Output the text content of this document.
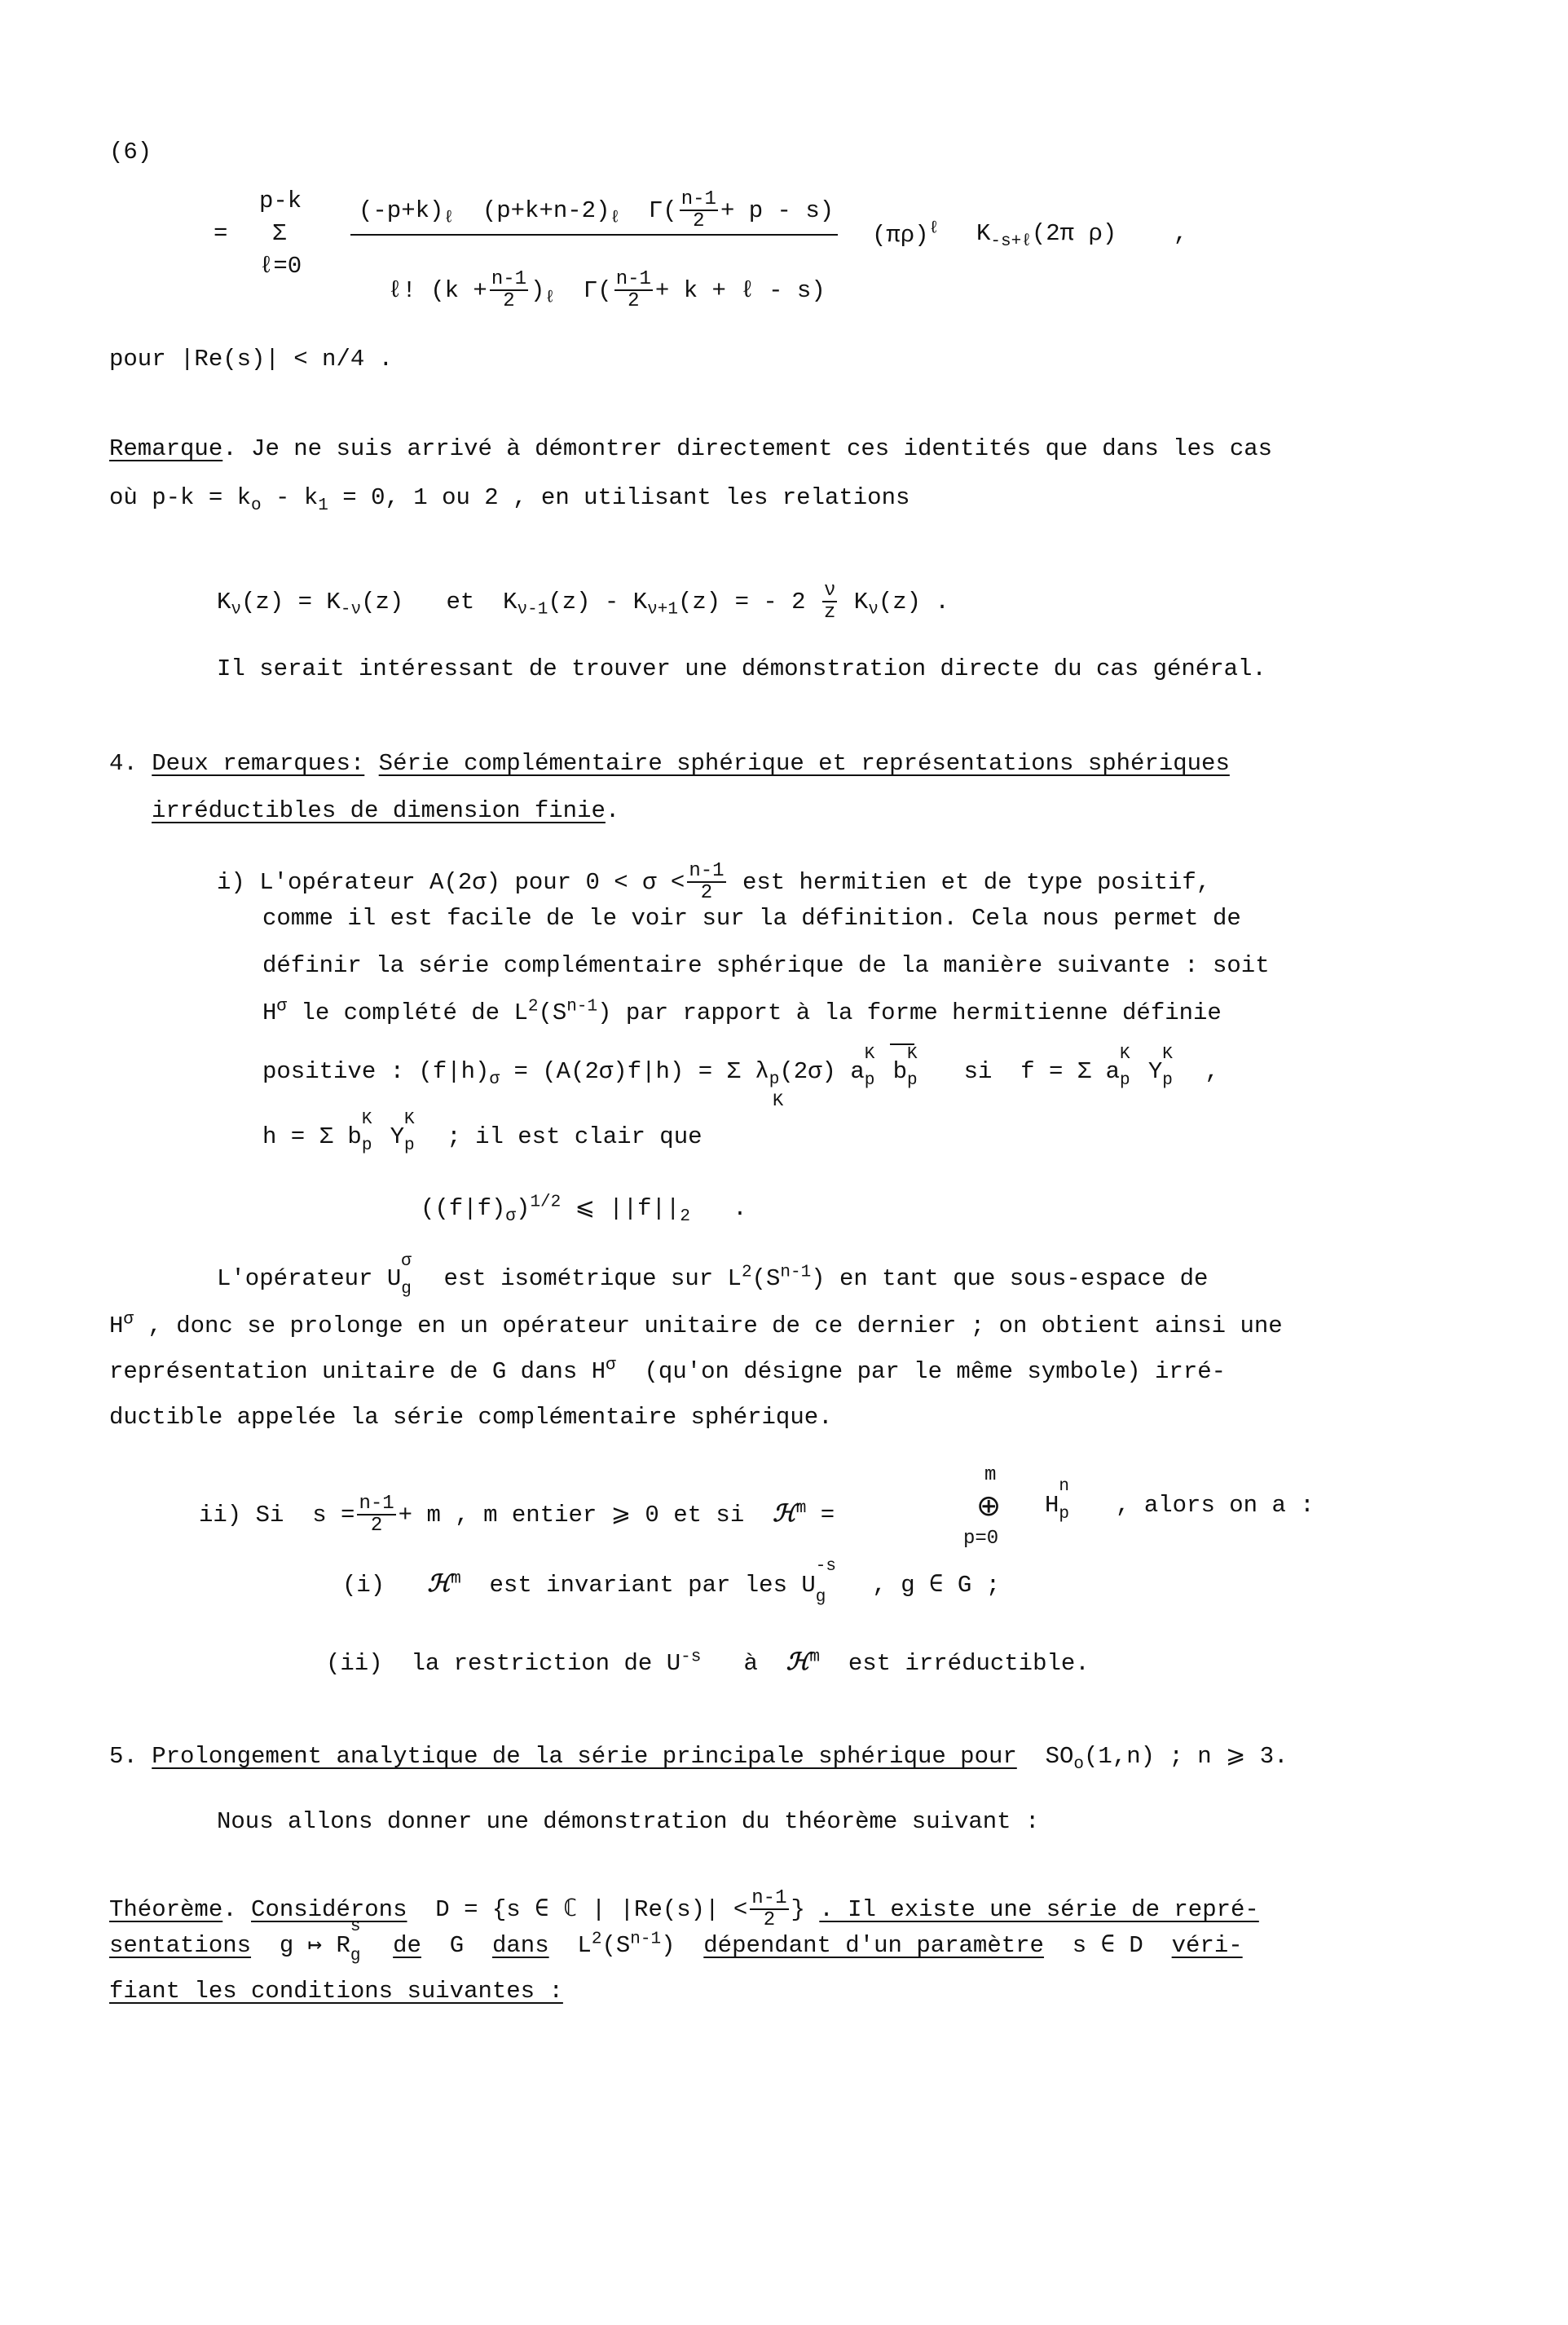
(6)
p-k
= Σ
ℓ=0
$(-p+k)_\ell$ $(p+k+n-2)_\ell$ $\Gamma( \frac{n-1}{2} + p - s)$
ℓ! $(k + \frac{n-1}{2} )_\ell$ $\Gamma( \frac{n-1}{2} + k$ + ℓ - s)
$(\pi\rho)^\ell$ $K_{-s+\ell}(2\pi$ ρ) ,
pour |Re(s)| < n/4 .
Remarque. Je ne suis arrivé à démontrer directement ces identités que dans les cas
où $p-k = k_o - k_1 = 0$, 1 ou 2 , en utilisant les relations
$K_\nu(z) = K_{-\nu}(z)$   et  $K_{\nu-1}(z) - K_{\nu+1}(z)$ = - $2 \frac{\nu}{z} K_\nu(z)$ .
Il serait intéressant de trouver une démonstration directe du cas général.
4. Deux remarques: Série complémentaire sphérique et représentations sphériques
irréductibles de dimension finie.
i) L'opérateur A(2σ) pour $0 < \sigma < \frac{n-1}{2}$ est hermitien et de type positif,
comme il est facile de le voir sur la définition. Cela nous permet de
définir la série complémentaire sphérique de la manière suivante : soit
$H^\sigma$ le complété de $L^2(S^{n-1})$ par rapport à la forme hermitienne définie
positive : $(f|h)_\sigma = (A(2\sigma)f|h) = \Sigma$ $\lambda_p(2\sigma)$ a
K
p b
K
p si  f = Σ a
K
p Y
K
p ,
K
h = Σ b
K
p Y
K
p ; il est clair que
$((f|f)_\sigma)^{1/2}$ ⩽ $||f||_2$   .
L'opérateur U
σ
g est isométrique sur $L^2(S^{n-1})$ en tant que sous-espace de
$H^\sigma$ , donc se prolonge en un opérateur unitaire de ce dernier ; on obtient ainsi une
représentation unitaire de G dans $H^\sigma$ (qu'on désigne par le même symbole) irré-
ductible appelée la série complémentaire sphérique.
ii) Si $s = \frac{n-1}{2} + m$ , m entier ⩾ 0 et si ℋ$^m$ =
m
⊕
p=0
H
n
p , alors on a :
(i) ℋ$^m$ est invariant par les U
-s
g , g ∈ G ;
(ii) la restriction de $U^{-s}$ à ℋ$^m$ est irréductible.
5. Prolongement analytique de la série principale sphérique pour $SO_o(1,n)$ ; n ⩾ 3.
Nous allons donner une démonstration du théorème suivant :
Théorème. Considérons D = {s ∈ ℂ | $|Re(s)| < \frac{n-1}{2}$ } . Il existe une série de repré-
sentations g ↦ R
s
g de G dans $L^2(S^{n-1})$ dépendant d'un paramètre s ∈ D véri-
fiant les conditions suivantes :
